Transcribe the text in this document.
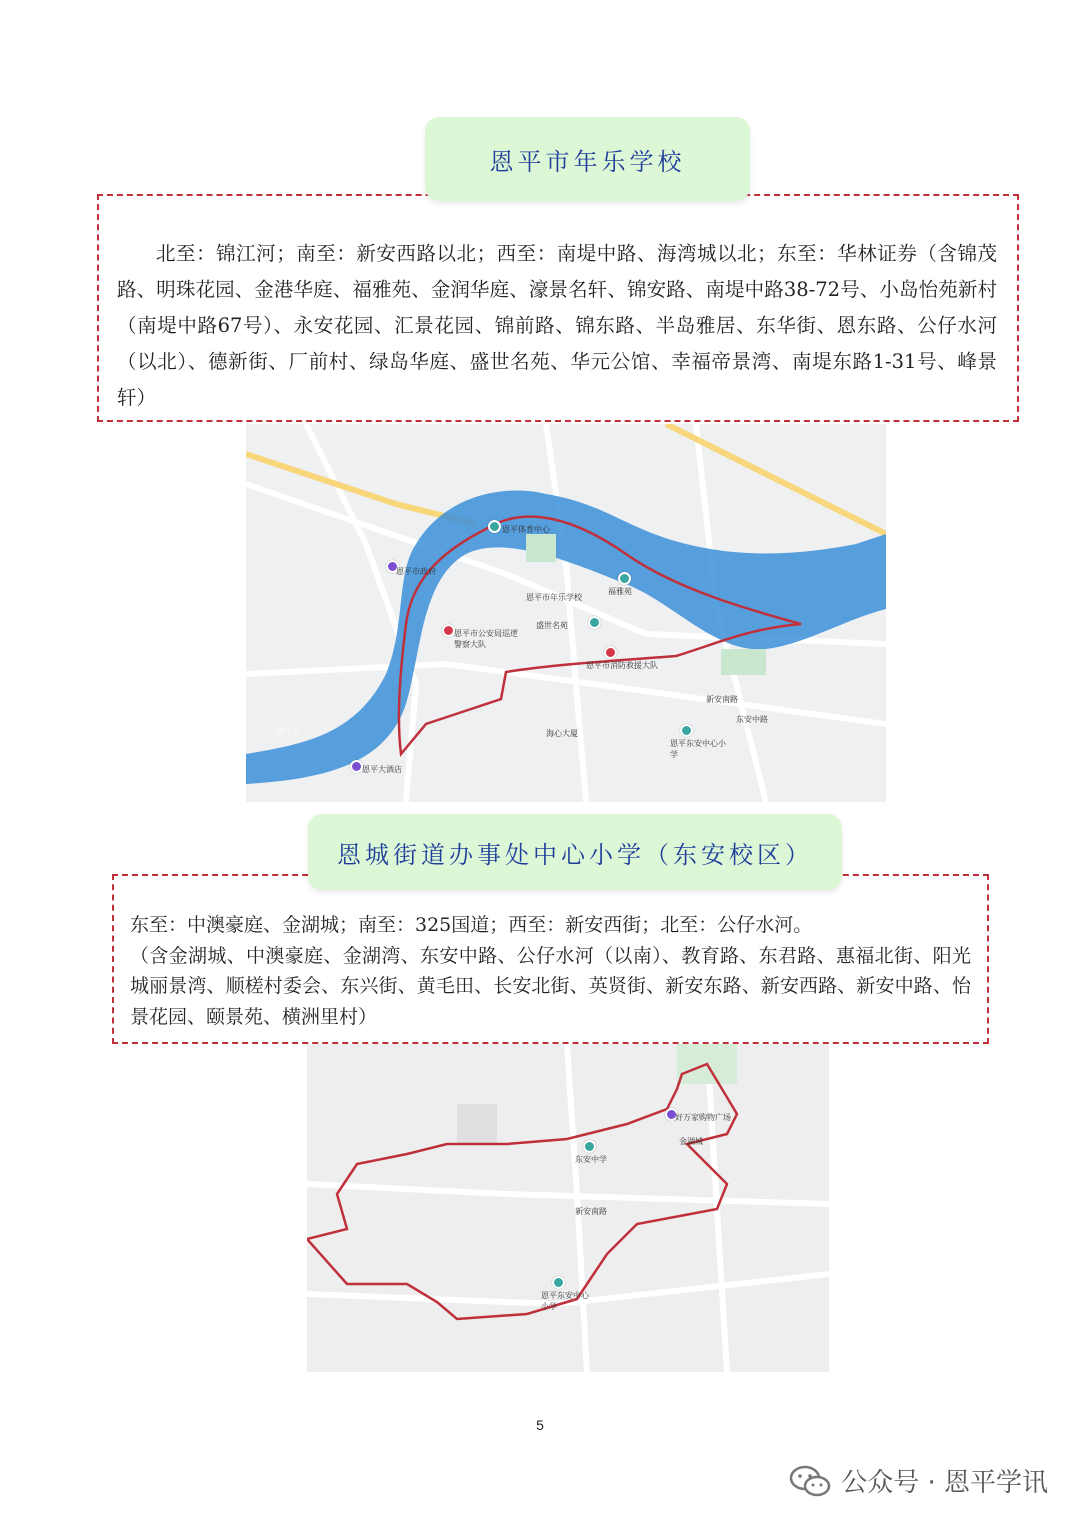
北至：锦江河；南至：新安西路以北；西至：南堤中路、海湾城以北；东至：华林证券（含锦茂路、明珠花园、金港华庭、福雅苑、金润华庭、濠景名轩、锦安路、南堤中路38-72号、小岛怡苑新村（南堤中路67号）、永安花园、汇景花园、锦前路、锦东路、半岛雅居、东华街、恩东路、公仔水河（以北）、德新街、厂前村、绿岛华庭、盛世名苑、华元公馆、幸福帝景湾、南堤东路1-31号、峰景轩）

恩平市年乐学校
恩平体育中心
恩平市政府
恩平市年乐学校
福雅苑
盛世名苑
恩平市公安局巡逻警察大队
恩平市消防救援大队
新安南路
东安中路
恩平东安中心小学
恩平大酒店
海心大厦
锦江河

东至：中澳豪庭、金湖城；南至：325国道；西至：新安西街；北至：公仔水河。

（含金湖城、中澳豪庭、金湖湾、东安中路、公仔水河（以南）、教育路、东君路、惠福北街、阳光城丽景湾、顺槎村委会、东兴街、黄毛田、长安北街、英贤街、新安东路、新安西路、新安中路、怡景花园、颐景苑、横洲里村）

恩城街道办事处中心小学（东安校区）
东安中学
新安南路
恩平东安中心小学
好万家购物广场
金湖城
5
公众号 · 恩平学讯
